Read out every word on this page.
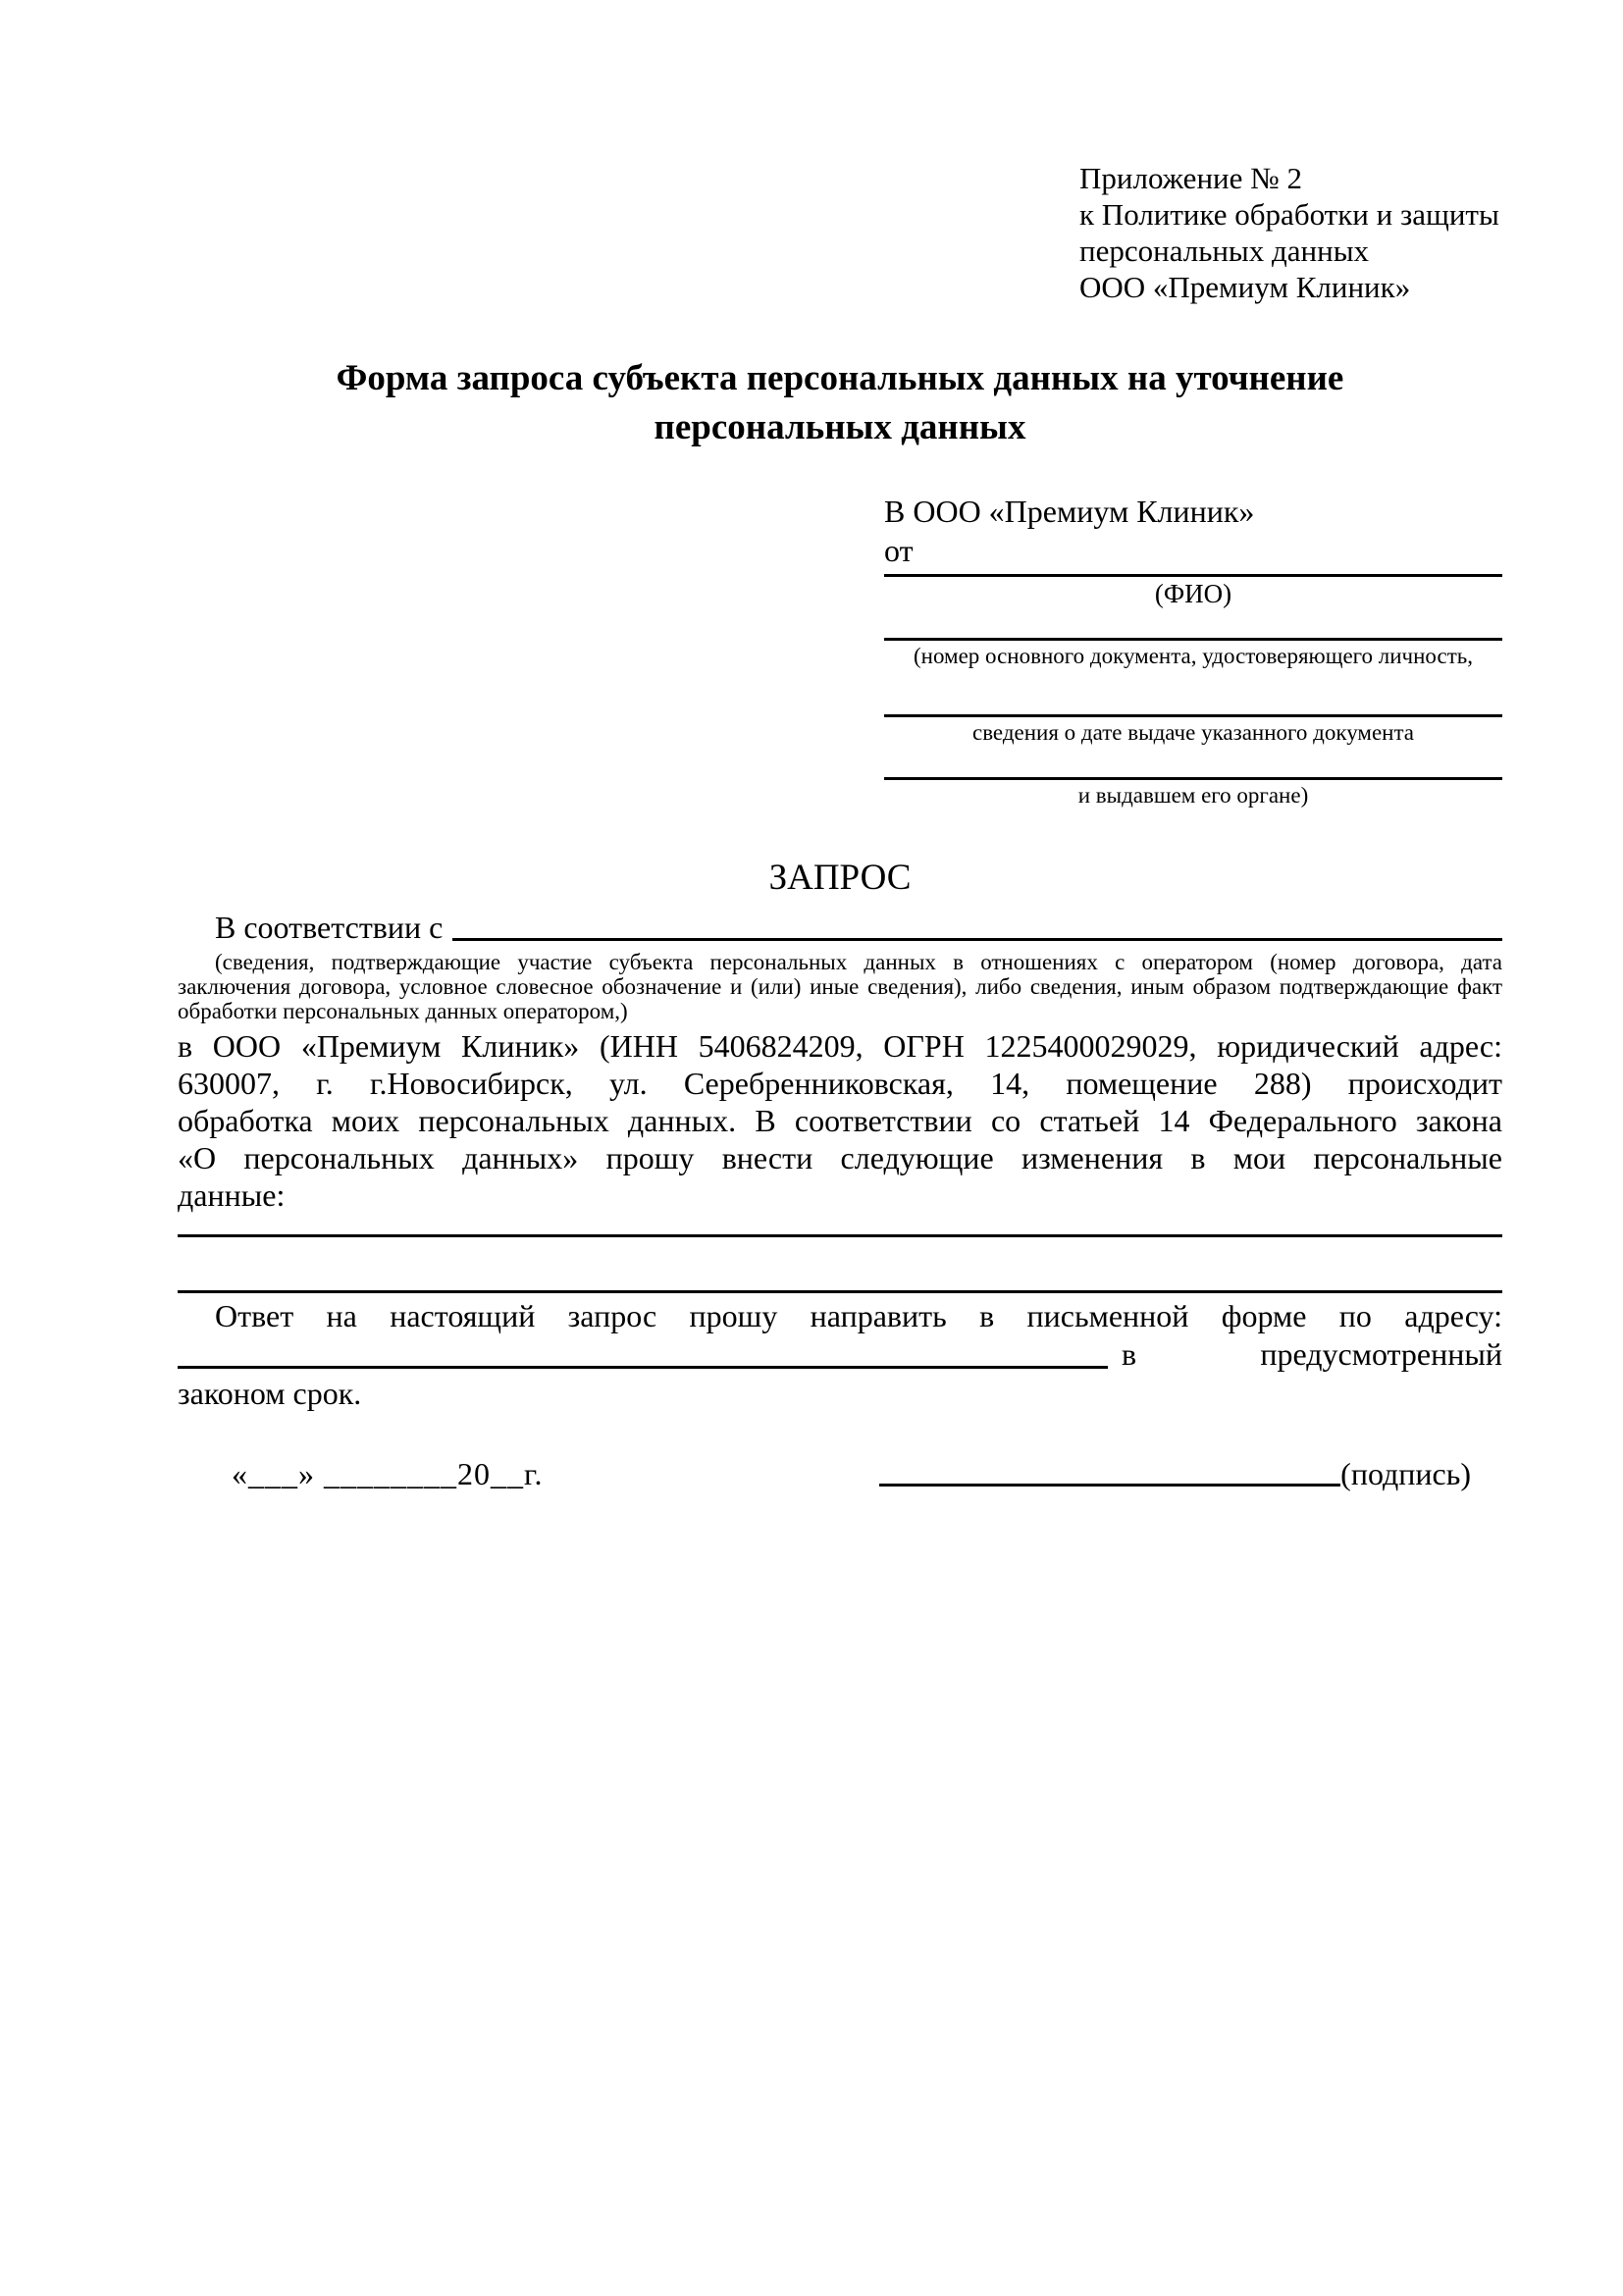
Приложение № 2
к Политике обработки и защиты
персональных данных
ООО «Премиум Клиник»
Форма запроса субъекта персональных данных на уточнение персональных данных
В ООО «Премиум Клиник»
от
(ФИО)
(номер основного документа, удостоверяющего личность,
сведения о дате выдаче указанного документа
и выдавшем его органе)
ЗАПРОС
В соответствии с
(сведения, подтверждающие участие субъекта персональных данных в отношениях с оператором (номер договора, дата
заключения договора, условное словесное обозначение и (или) иные сведения), либо сведения, иным образом подтверждающие факт
обработки персональных данных оператором,)
в ООО «Премиум Клиник» (ИНН 5406824209, ОГРН 1225400029029, юридический адрес:
630007, г. г.Новосибирск, ул. Серебренниковская, 14, помещение 288) происходит
обработка моих персональных данных. В соответствии со статьей 14 Федерального закона
«О персональных данных» прошу внести следующие изменения в мои персональные
данные:
Ответ на настоящий запрос прошу направить в письменной форме по адресу:
в	предусмотренный
законом срок.
«___» ________20__г.	(подпись)
